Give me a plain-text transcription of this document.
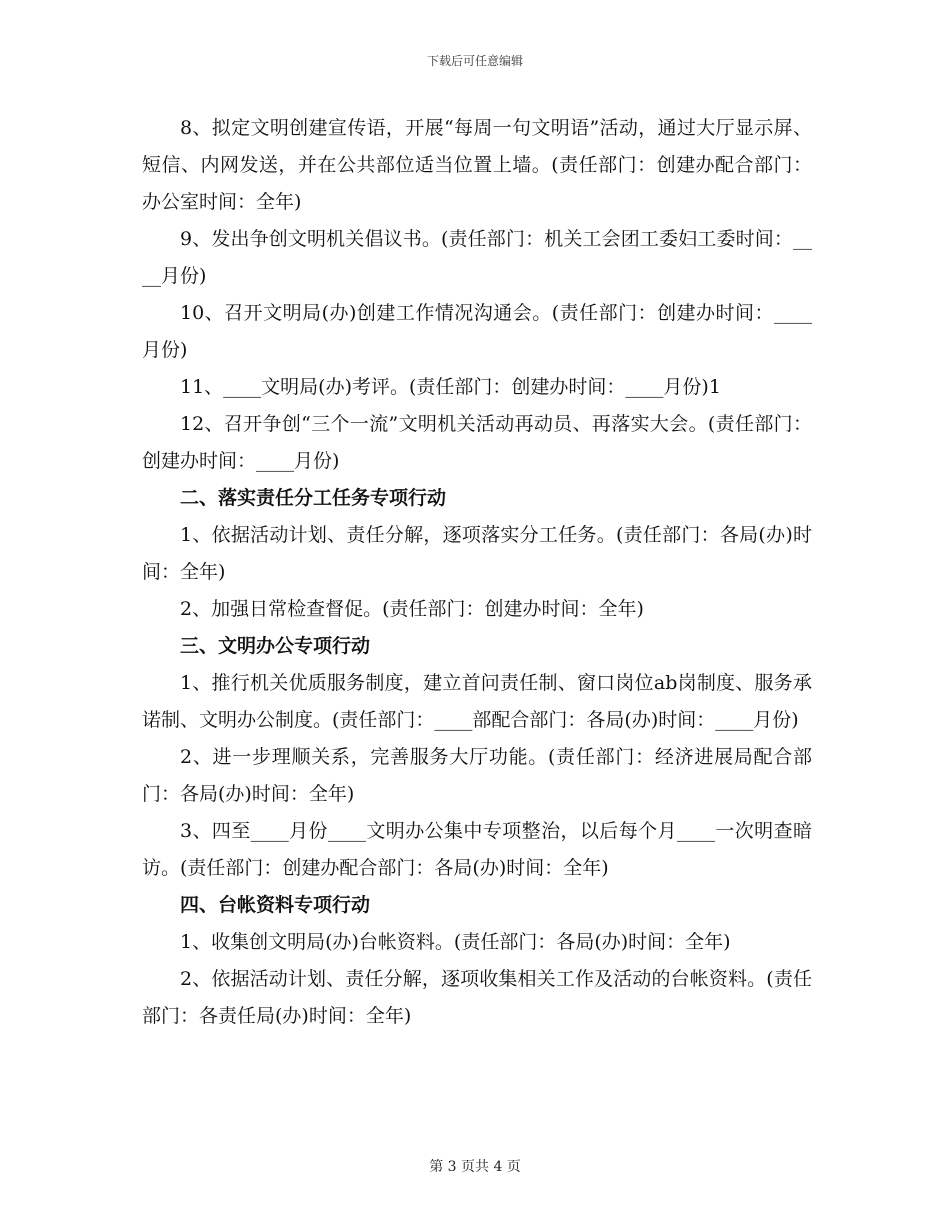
下载后可任意编辑

8、拟定文明创建宣传语，开展“每周一句文明语”活动，通过大厅显示屏、短信、内网发送，并在公共部位适当位置上墙。(责任部门：创建办配合部门：办公室时间：全年)

9、发出争创文明机关倡议书。(责任部门：机关工会团工委妇工委时间：____月份)

10、召开文明局(办)创建工作情况沟通会。(责任部门：创建办时间：____月份)

11、____文明局(办)考评。(责任部门：创建办时间：____月份)1

12、召开争创“三个一流”文明机关活动再动员、再落实大会。(责任部门：创建办时间：____月份)

二、落实责任分工任务专项行动

1、依据活动计划、责任分解，逐项落实分工任务。(责任部门：各局(办)时间：全年)

2、加强日常检查督促。(责任部门：创建办时间：全年)

三、文明办公专项行动

1、推行机关优质服务制度，建立首问责任制、窗口岗位ab岗制度、服务承诺制、文明办公制度。(责任部门：____部配合部门：各局(办)时间：____月份)

2、进一步理顺关系，完善服务大厅功能。(责任部门：经济进展局配合部门：各局(办)时间：全年)

3、四至____月份____文明办公集中专项整治，以后每个月____一次明查暗访。(责任部门：创建办配合部门：各局(办)时间：全年)

四、台帐资料专项行动

1、收集创文明局(办)台帐资料。(责任部门：各局(办)时间：全年)

2、依据活动计划、责任分解，逐项收集相关工作及活动的台帐资料。(责任部门：各责任局(办)时间：全年)

第 3 页共 4 页
